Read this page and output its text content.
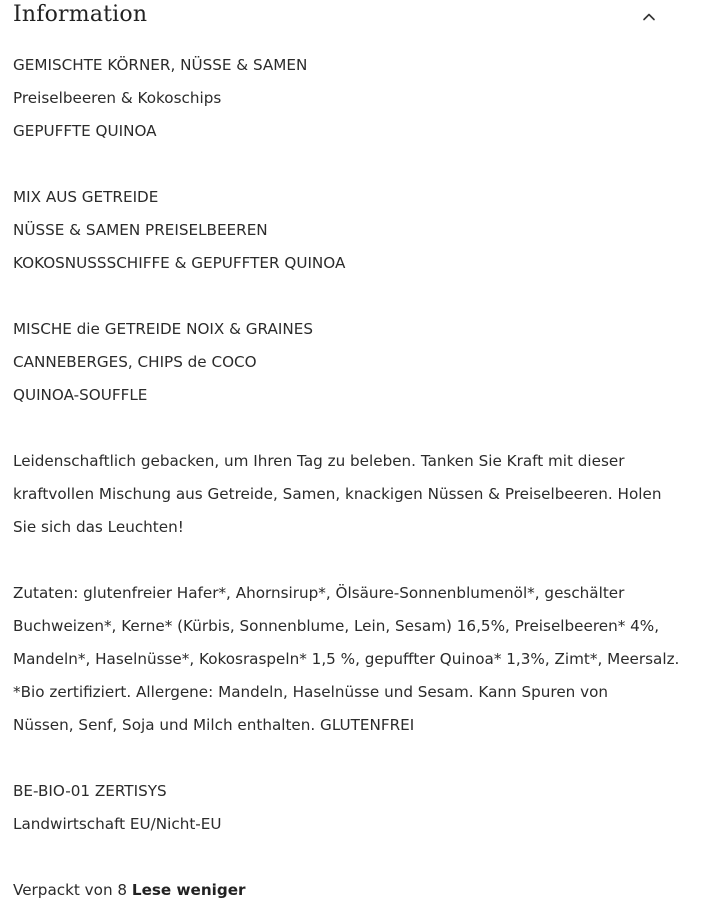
Information
GEMISCHTE KÖRNER, NÜSSE & SAMEN
Preiselbeeren & Kokoschips
GEPUFFTE QUINOA
MIX AUS GETREIDE
NÜSSE & SAMEN PREISELBEEREN
KOKOSNUSSSCHIFFE & GEPUFFTER QUINOA
MISCHE die GETREIDE NOIX & GRAINES
CANNEBERGES, CHIPS de COCO
QUINOA-SOUFFLE
Leidenschaftlich gebacken, um Ihren Tag zu beleben. Tanken Sie Kraft mit dieser
kraftvollen Mischung aus Getreide, Samen, knackigen Nüssen & Preiselbeeren. Holen
Sie sich das Leuchten!
Zutaten: glutenfreier Hafer*, Ahornsirup*, Ölsäure-Sonnenblumenöl*, geschälter
Buchweizen*, Kerne* (Kürbis, Sonnenblume, Lein, Sesam) 16,5%, Preiselbeeren* 4%,
Mandeln*, Haselnüsse*, Kokosraspeln* 1,5 %, gepuffter Quinoa* 1,3%, Zimt*, Meersalz.
*Bio zertifiziert. Allergene: Mandeln, Haselnüsse und Sesam. Kann Spuren von
Nüssen, Senf, Soja und Milch enthalten. GLUTENFREI
BE-BIO-01 ZERTISYS
Landwirtschaft EU/Nicht-EU
Verpackt von 8 Lese weniger
